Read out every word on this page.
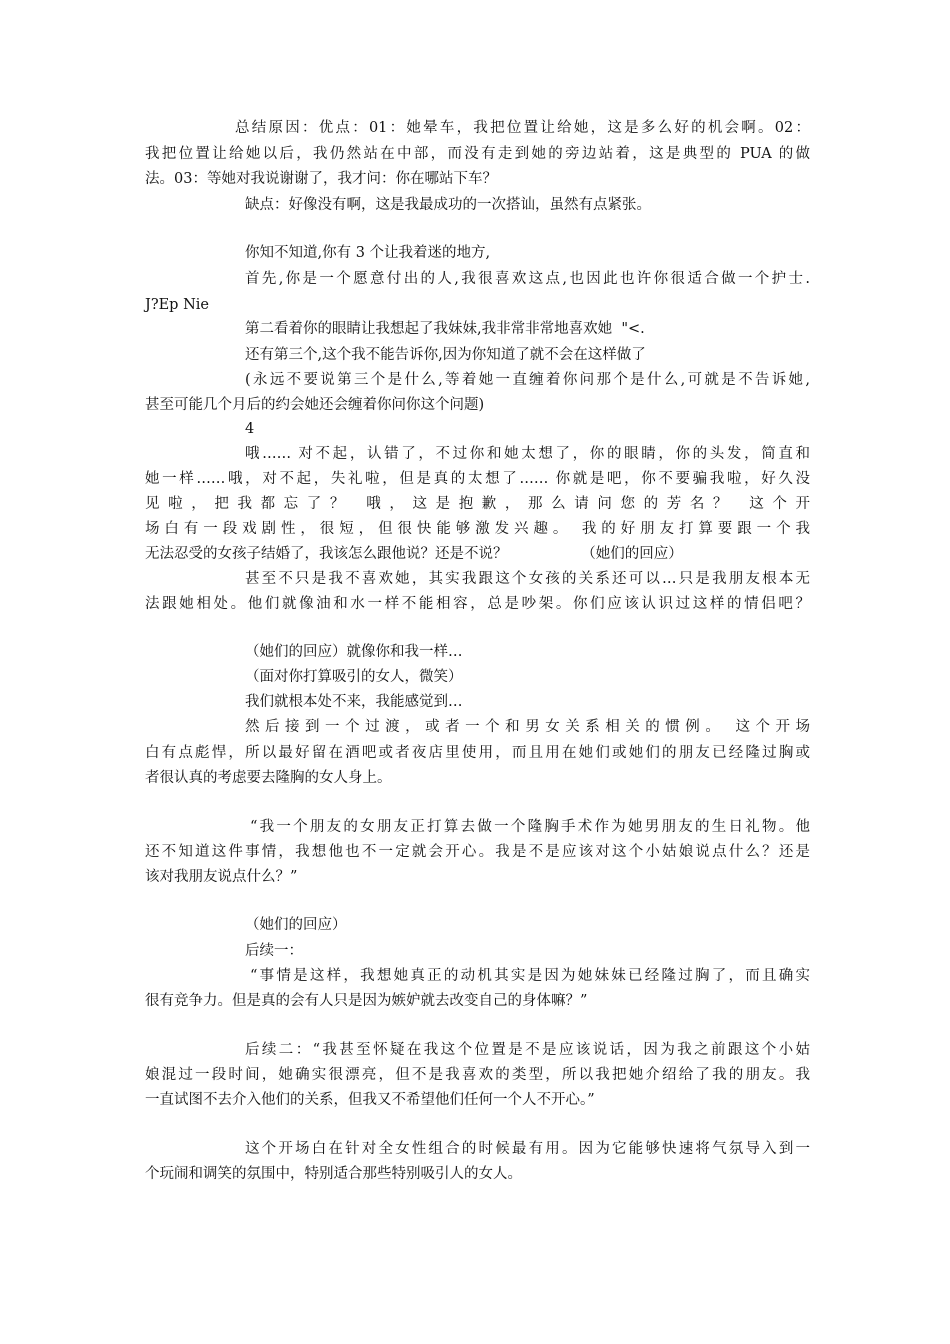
总结原因：优点：01：她晕车，我把位置让给她，这是多么好的机会啊。02：
我把位置让给她以后，我仍然站在中部，而没有走到她的旁边站着，这是典型的 PUA 的做
法。03：等她对我说谢谢了，我才问：你在哪站下车？
缺点：好像没有啊，这是我最成功的一次搭讪，虽然有点紧张。
你知不知道,你有 3 个让我着迷的地方,
首先,你是一个愿意付出的人,我很喜欢这点,也因此也许你很适合做一个护士.
J?Ep Nie
第二看着你的眼睛让我想起了我妹妹,我非常非常地喜欢她  "<.
还有第三个,这个我不能告诉你,因为你知道了就不会在这样做了
(永远不要说第三个是什么,等着她一直缠着你问那个是什么,可就是不告诉她,
甚至可能几个月后的约会她还会缠着你问你这个问题)
4
哦…… 对不起，认错了，不过你和她太想了，你的眼睛，你的头发，简直和
她一样……哦，对不起，失礼啦，但是真的太想了…… 你就是吧，你不要骗我啦，好久没
见啦，把我都忘了？ 哦，这是抱歉，那么请问您的芳名？ 这个开
场白有一段戏剧性，很短，但很快能够激发兴趣。 我的好朋友打算要跟一个我
无法忍受的女孩子结婚了，我该怎么跟他说？还是不说？                （她们的回应）
甚至不只是我不喜欢她，其实我跟这个女孩的关系还可以…只是我朋友根本无
法跟她相处。他们就像油和水一样不能相容，总是吵架。你们应该认识过这样的情侣吧？
（她们的回应）就像你和我一样…
（面对你打算吸引的女人，微笑）
我们就根本处不来，我能感觉到…
然后接到一个过渡，或者一个和男女关系相关的惯例。 这个开场
白有点彪悍，所以最好留在酒吧或者夜店里使用，而且用在她们或她们的朋友已经隆过胸或
者很认真的考虑要去隆胸的女人身上。
“我一个朋友的女朋友正打算去做一个隆胸手术作为她男朋友的生日礼物。他
还不知道这件事情，我想他也不一定就会开心。我是不是应该对这个小姑娘说点什么？还是
该对我朋友说点什么？”
（她们的回应）
后续一：
“事情是这样，我想她真正的动机其实是因为她妹妹已经隆过胸了，而且确实
很有竞争力。但是真的会有人只是因为嫉妒就去改变自己的身体嘛？”
后续二：“我甚至怀疑在我这个位置是不是应该说话，因为我之前跟这个小姑
娘混过一段时间，她确实很漂亮，但不是我喜欢的类型，所以我把她介绍给了我的朋友。我
一直试图不去介入他们的关系，但我又不希望他们任何一个人不开心。”
这个开场白在针对全女性组合的时候最有用。因为它能够快速将气氛导入到一
个玩闹和调笑的氛围中，特别适合那些特别吸引人的女人。
